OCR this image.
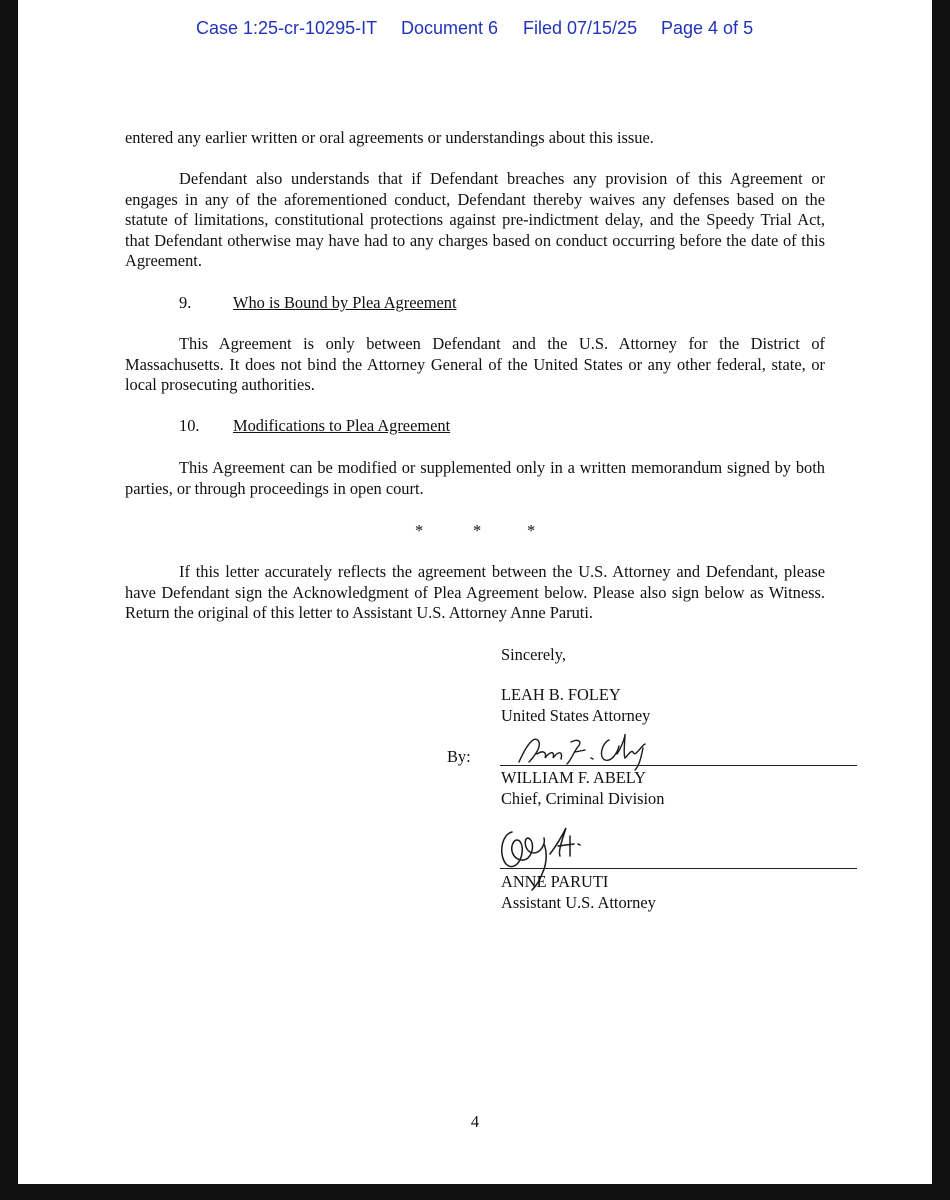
Case 1:25-cr-10295-IT Document 6 Filed 07/15/25 Page 4 of 5

entered any earlier written or oral agreements or understandings about this issue.

Defendant also understands that if Defendant breaches any provision of this Agreement or engages in any of the aforementioned conduct, Defendant thereby waives any defenses based on the statute of limitations, constitutional protections against pre-indictment delay, and the Speedy Trial Act, that Defendant otherwise may have had to any charges based on conduct occurring before the date of this Agreement.

9.	Who is Bound by Plea Agreement

This Agreement is only between Defendant and the U.S. Attorney for the District of Massachusetts. It does not bind the Attorney General of the United States or any other federal, state, or local prosecuting authorities.

10. Modifications to Plea Agreement

This Agreement can be modified or supplemented only in a written memorandum signed by both parties, or through proceedings in open court.

*	*	*

If this letter accurately reflects the agreement between the U.S. Attorney and Defendant, please have Defendant sign the Acknowledgment of Plea Agreement below. Please also sign below as Witness. Return the original of this letter to Assistant U.S. Attorney Anne Paruti.

Sincerely,
LEAH B. FOLEY
United States Attorney
By:
WILLIAM F. ABELY
Chief, Criminal Division
ANNE PARUTI
Assistant U.S. Attorney
4
